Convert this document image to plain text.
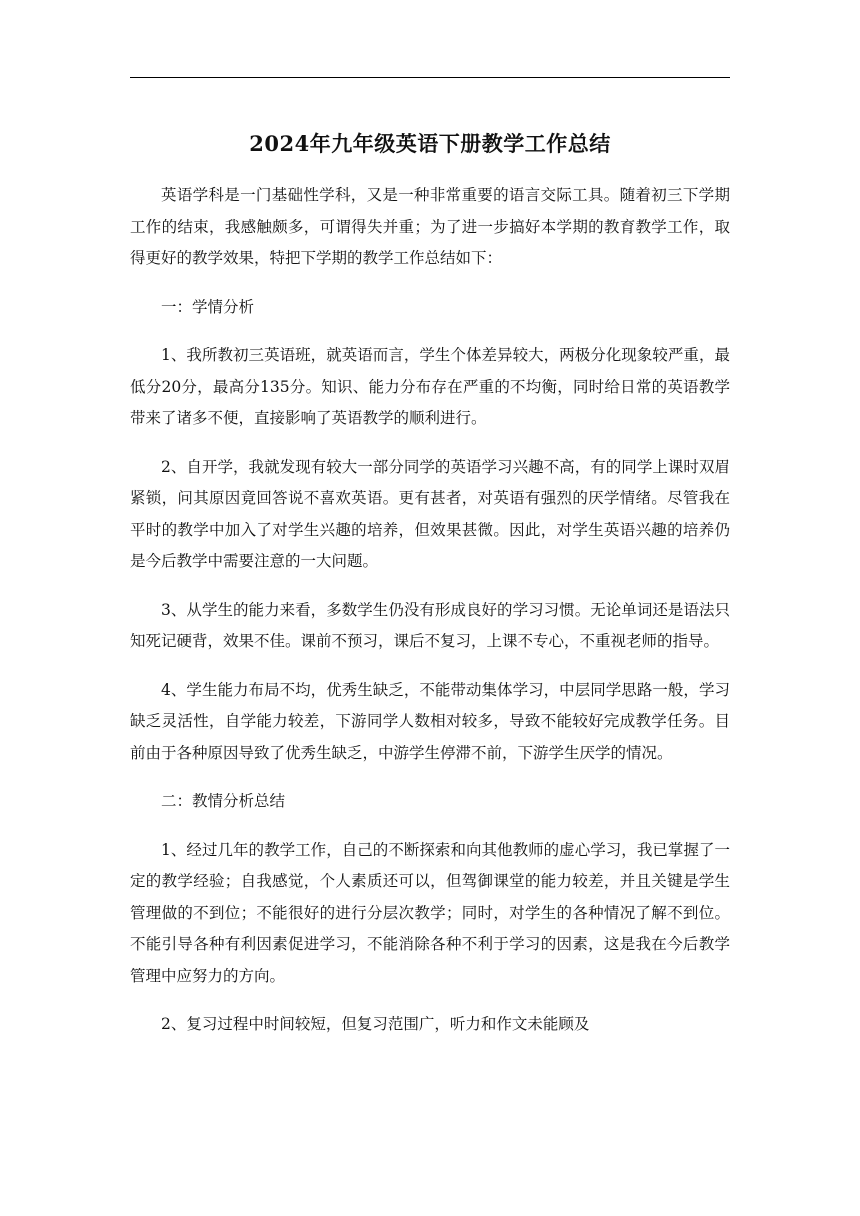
2024年九年级英语下册教学工作总结

英语学科是一门基础性学科，又是一种非常重要的语言交际工具。随着初三下学期工作的结束，我感触颇多，可谓得失并重；为了进一步搞好本学期的教育教学工作，取得更好的教学效果，特把下学期的教学工作总结如下：

一：学情分析

1、我所教初三英语班，就英语而言，学生个体差异较大，两极分化现象较严重，最低分20分，最高分135分。知识、能力分布存在严重的不均衡，同时给日常的英语教学带来了诸多不便，直接影响了英语教学的顺利进行。

2、自开学，我就发现有较大一部分同学的英语学习兴趣不高，有的同学上课时双眉紧锁，问其原因竟回答说不喜欢英语。更有甚者，对英语有强烈的厌学情绪。尽管我在平时的教学中加入了对学生兴趣的培养，但效果甚微。因此，对学生英语兴趣的培养仍是今后教学中需要注意的一大问题。

3、从学生的能力来看，多数学生仍没有形成良好的学习习惯。无论单词还是语法只知死记硬背，效果不佳。课前不预习，课后不复习，上课不专心，不重视老师的指导。

4、学生能力布局不均，优秀生缺乏，不能带动集体学习，中层同学思路一般，学习缺乏灵活性，自学能力较差，下游同学人数相对较多，导致不能较好完成教学任务。目前由于各种原因导致了优秀生缺乏，中游学生停滞不前，下游学生厌学的情况。

二：教情分析总结

1、经过几年的教学工作，自己的不断探索和向其他教师的虚心学习，我已掌握了一定的教学经验；自我感觉，个人素质还可以，但驾御课堂的能力较差，并且关键是学生管理做的不到位；不能很好的进行分层次教学；同时，对学生的各种情况了解不到位。不能引导各种有利因素促进学习，不能消除各种不利于学习的因素，这是我在今后教学管理中应努力的方向。

2、复习过程中时间较短，但复习范围广，听力和作文未能顾及
